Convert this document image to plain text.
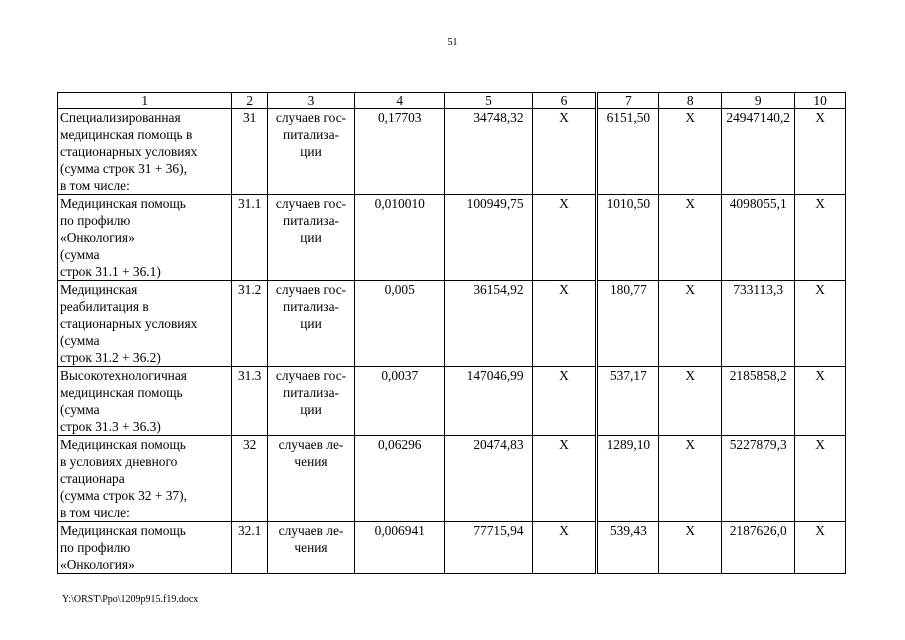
51
1	2	3	4	5	6	7	8	9	10

Специализированная
медицинская помощь в
стационарных условиях
(сумма строк 31 + 36),
в том числе:	31	случаев гос-
питализа-
ции	0,17703	34748,32	Х	6151,50	Х	24947140,2	Х

Медицинская помощь
по профилю
«Онкология»
(сумма
строк 31.1 + 36.1)	31.1	случаев гос-
питализа-
ции	0,010010	100949,75	Х	1010,50	Х	4098055,1	Х

Медицинская
реабилитация в
стационарных условиях
(сумма
строк 31.2 + 36.2)	31.2	случаев гос-
питализа-
ции	0,005	36154,92	Х	180,77	Х	733113,3	Х

Высокотехнологичная
медицинская помощь
(сумма
строк 31.3 + 36.3)	31.3	случаев гос-
питализа-
ции	0,0037	147046,99	Х	537,17	Х	2185858,2	Х

Медицинская помощь
в условиях дневного
стационара
(сумма строк 32 + 37),
в том числе:	32	случаев ле-
чения	0,06296	20474,83	Х	1289,10	Х	5227879,3	Х

Медицинская помощь
по профилю
«Онкология»	32.1	случаев ле-
чения	0,006941	77715,94	Х	539,43	Х	2187626,0	Х
Y:\ORST\Ppo\1209p915.f19.docx
